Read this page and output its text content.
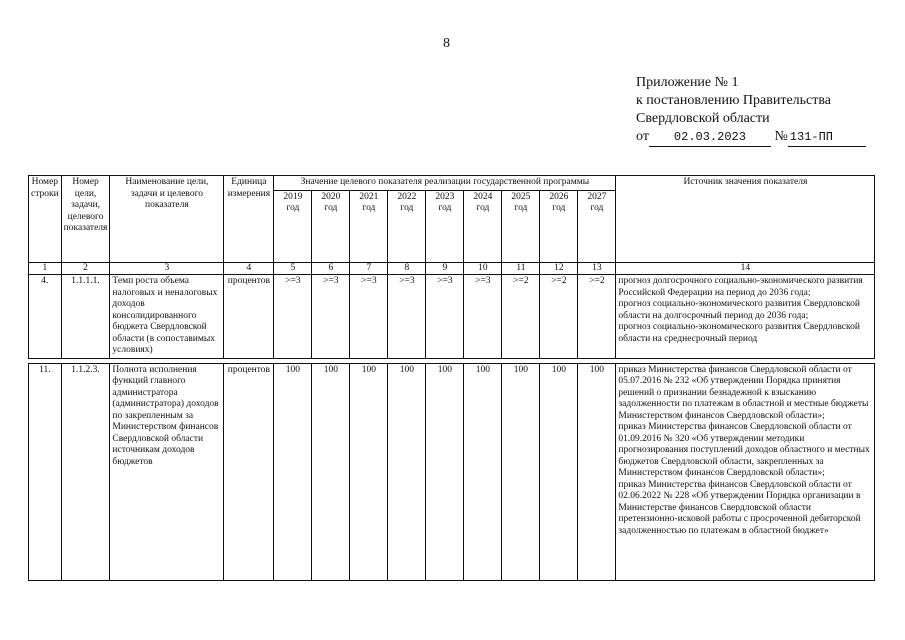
8
Приложение № 1
к постановлению Правительства
Свердловской области
от 02.03.2023 № 131-ПП
Номер строки	Номер цели, задачи, целевого показателя	Наименование цели, задачи и целевого показателя	Единица измерения	Значение целевого показателя реализации государственной программы									Источник значения показателя
				2019 год	2020 год	2021 год	2022 год	2023 год	2024 год	2025 год	2026 год	2027 год	
1	2	3	4	5	6	7	8	9	10	11	12	13	14
4.	1.1.1.1.	Темп роста объема налоговых и неналоговых доходов консолидированного бюджета Свердловской области (в сопоставимых условиях)	процентов	>=3	>=3	>=3	>=3	>=3	>=3	>=2	>=2	>=2	прогноз долгосрочного социально-экономического развития Российской Федерации на период до 2036 года;
прогноз социально-экономического развития Свердловской области на долгосрочный период до 2036 года;
прогноз социально-экономического развития Свердловской области на среднесрочный период

11.	1.1.2.3.	Полнота исполнения функций главного администратора (администратора) доходов по закрепленным за Министерством финансов Свердловской области источникам доходов бюджетов	процентов	100	100	100	100	100	100	100	100	100	приказ Министерства финансов Свердловской области от 05.07.2016 № 232 «Об утверждении Порядка принятия решений о признании безнадежной к взысканию задолженности по платежам в областной и местные бюджеты Министерством финансов Свердловской области»;
приказ Министерства финансов Свердловской области от 01.09.2016 № 320 «Об утверждении методики прогнозирования поступлений доходов областного и местных бюджетов Свердловской области, закрепленных за Министерством финансов Свердловской области»;
приказ Министерства финансов Свердловской области от 02.06.2022 № 228 «Об утверждении Порядка организации в Министерстве финансов Свердловской области претензионно-исковой работы с просроченной дебиторской задолженностью по платежам в областной бюджет»
